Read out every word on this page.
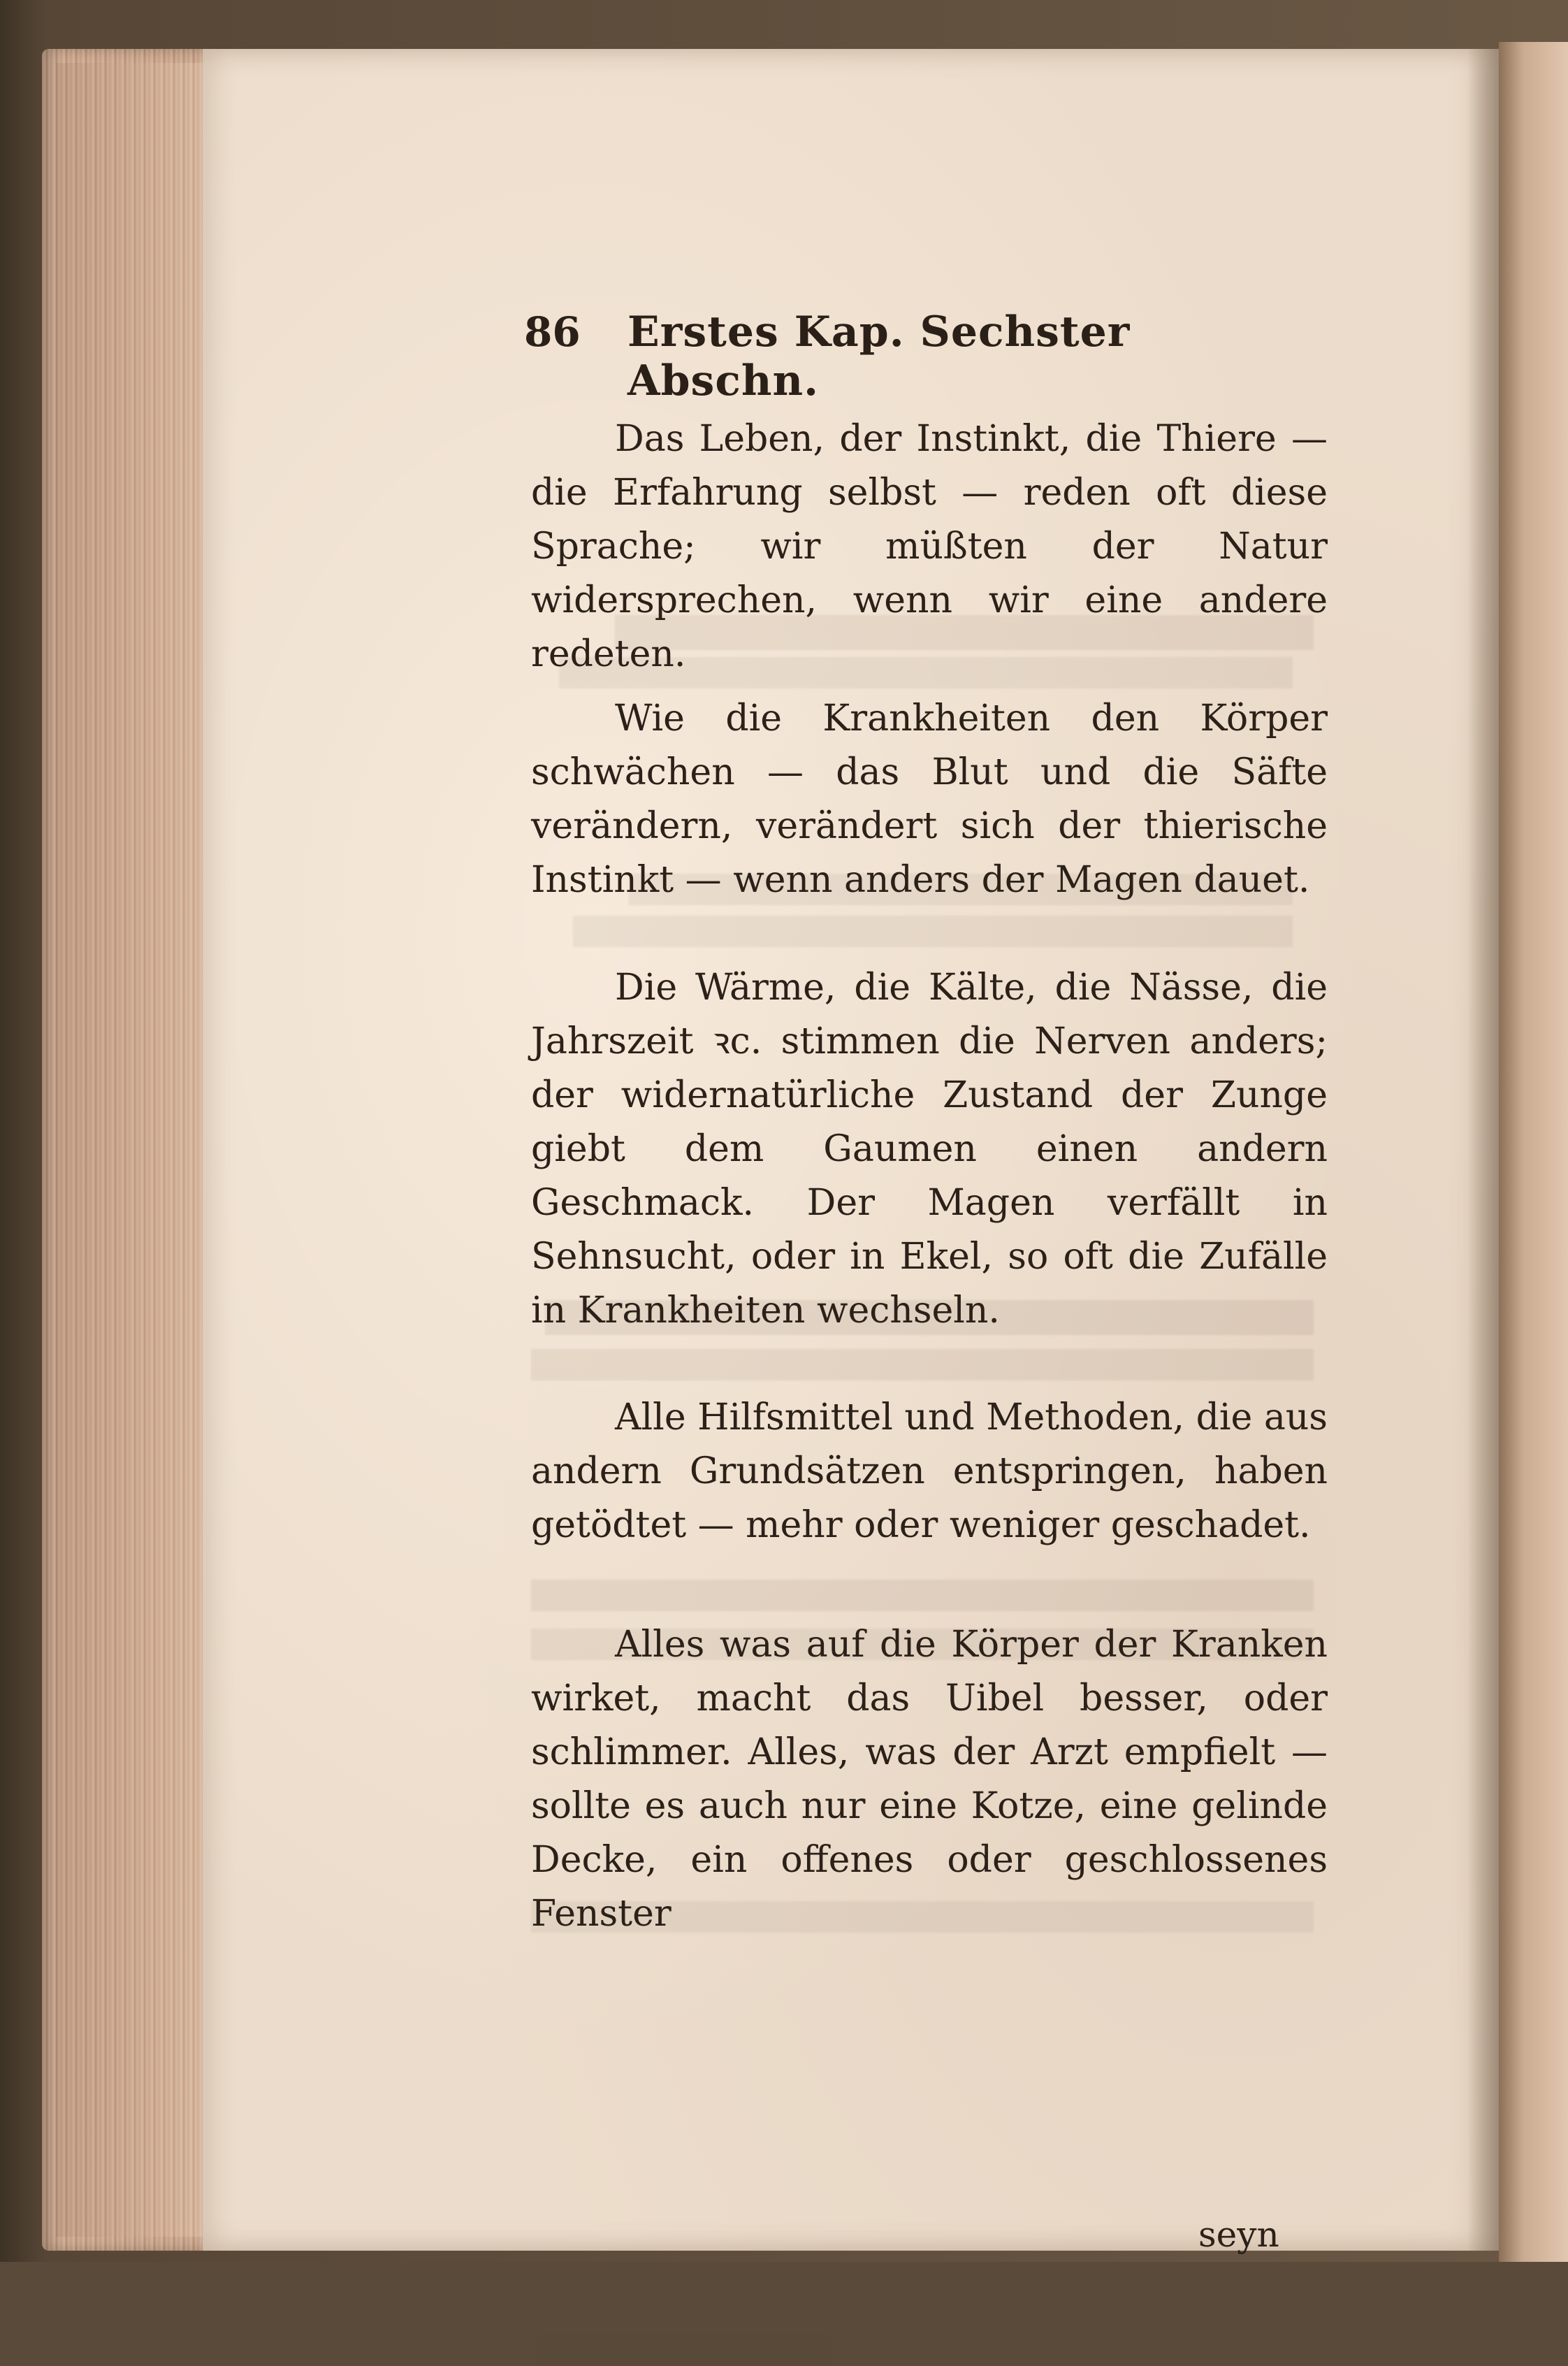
86	Erstes Kap. Sechster Abschn.

Das Leben, der Instinkt, die Thiere — die Erfahrung selbst — reden oft diese Sprache; wir müßten der Natur widersprechen, wenn wir eine andere redeten.

Wie die Krankheiten den Körper schwächen — das Blut und die Säfte verändern, verändert sich der thierische Instinkt — wenn anders der Magen dauet.

Die Wärme, die Kälte, die Nässe, die Jahrszeit ꝛc. stimmen die Nerven anders; der widernatürliche Zustand der Zunge giebt dem Gaumen einen andern Geschmack. Der Magen verfällt in Sehnsucht, oder in Ekel, so oft die Zufälle in Krankheiten wechseln.

Alle Hilfsmittel und Methoden, die aus andern Grundsätzen entspringen, haben getödtet — mehr oder weniger geschadet.

Alles was auf die Körper der Kranken wirket, macht das Uibel besser, oder schlimmer. Alles, was der Arzt empfielt — sollte es auch nur eine Kotze, eine gelinde Decke, ein offenes oder geschlossenes Fenster

seyn
